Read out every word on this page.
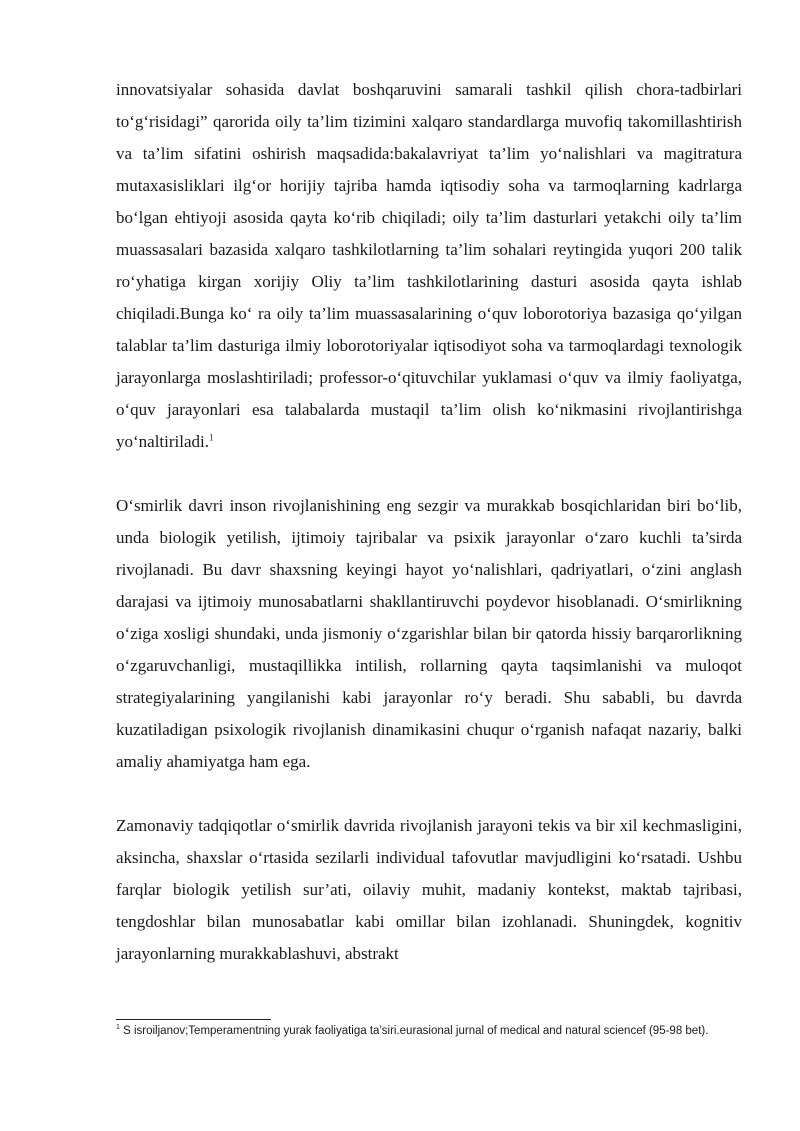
innovatsiyalar sohasida davlat boshqaruvini samarali tashkil qilish chora-tadbirlari to‘g‘risidagi” qarorida oily ta’lim tizimini xalqaro standardlarga muvofiq takomillashtirish va ta’lim sifatini oshirish maqsadida:bakalavriyat ta’lim yo‘nalishlari va magitratura mutaxasisliklari ilg‘or horijiy tajriba hamda iqtisodiy soha va tarmoqlarning kadrlarga bo‘lgan ehtiyoji asosida qayta ko‘rib chiqiladi; oily ta’lim dasturlari yetakchi oily ta’lim muassasalari bazasida xalqaro tashkilotlarning ta’lim sohalari reytingida yuqori 200 talik ro‘yhatiga kirgan xorijiy Oliy ta’lim tashkilotlarining dasturi asosida qayta ishlab chiqiladi.Bunga ko‘ ra oily ta’lim muassasalarining o‘quv loborotoriya bazasiga qo‘yilgan talablar ta’lim dasturiga ilmiy loborotoriyalar iqtisodiyot soha va tarmoqlardagi texnologik jarayonlarga moslashtiriladi; professor-o‘qituvchilar yuklamasi o‘quv va ilmiy faoliyatga, o‘quv jarayonlari esa talabalarda mustaqil ta’lim olish ko‘nikmasini rivojlantirishga yo‘naltiriladi.$^1$

O‘smirlik davri inson rivojlanishining eng sezgir va murakkab bosqichlaridan biri bo‘lib, unda biologik yetilish, ijtimoiy tajribalar va psixik jarayonlar o‘zaro kuchli ta’sirda rivojlanadi. Bu davr shaxsning keyingi hayot yo‘nalishlari, qadriyatlari, o‘zini anglash darajasi va ijtimoiy munosabatlarni shakllantiruvchi poydevor hisoblanadi. O‘smirlikning o‘ziga xosligi shundaki, unda jismoniy o‘zgarishlar bilan bir qatorda hissiy barqarorlikning o‘zgaruvchanligi, mustaqillikka intilish, rollarning qayta taqsimlanishi va muloqot strategiyalarining yangilanishi kabi jarayonlar ro‘y beradi. Shu sababli, bu davrda kuzatiladigan psixologik rivojlanish dinamikasini chuqur o‘rganish nafaqat nazariy, balki amaliy ahamiyatga ham ega.

Zamonaviy tadqiqotlar o‘smirlik davrida rivojlanish jarayoni tekis va bir xil kechmasligini, aksincha, shaxslar o‘rtasida sezilarli individual tafovutlar mavjudligini ko‘rsatadi. Ushbu farqlar biologik yetilish sur’ati, oilaviy muhit, madaniy kontekst, maktab tajribasi, tengdoshlar bilan munosabatlar kabi omillar bilan izohlanadi. Shuningdek, kognitiv jarayonlarning murakkablashuvi, abstrakt

$^1$ S isroiljanov;Temperamentning yurak faoliyatiga ta’siri.eurasional jurnal of medical and natural sciencef (95-98 bet).
